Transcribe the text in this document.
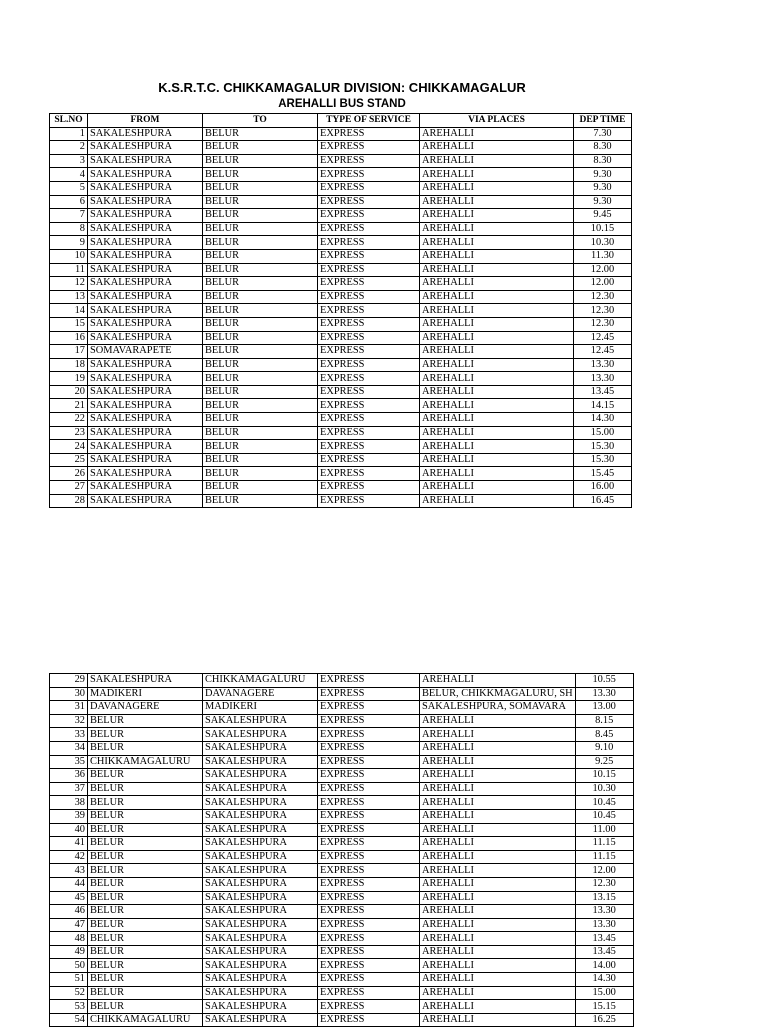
K.S.R.T.C. CHIKKAMAGALUR DIVISION: CHIKKAMAGALUR
AREHALLI BUS STAND
SL.NO	FROM	TO	TYPE OF SERVICE	VIA PLACES	DEP TIME
1	SAKALESHPURA	BELUR	EXPRESS	AREHALLI	7.30
2	SAKALESHPURA	BELUR	EXPRESS	AREHALLI	8.30
3	SAKALESHPURA	BELUR	EXPRESS	AREHALLI	8.30
4	SAKALESHPURA	BELUR	EXPRESS	AREHALLI	9.30
5	SAKALESHPURA	BELUR	EXPRESS	AREHALLI	9.30
6	SAKALESHPURA	BELUR	EXPRESS	AREHALLI	9.30
7	SAKALESHPURA	BELUR	EXPRESS	AREHALLI	9.45
8	SAKALESHPURA	BELUR	EXPRESS	AREHALLI	10.15
9	SAKALESHPURA	BELUR	EXPRESS	AREHALLI	10.30
10	SAKALESHPURA	BELUR	EXPRESS	AREHALLI	11.30
11	SAKALESHPURA	BELUR	EXPRESS	AREHALLI	12.00
12	SAKALESHPURA	BELUR	EXPRESS	AREHALLI	12.00
13	SAKALESHPURA	BELUR	EXPRESS	AREHALLI	12.30
14	SAKALESHPURA	BELUR	EXPRESS	AREHALLI	12.30
15	SAKALESHPURA	BELUR	EXPRESS	AREHALLI	12.30
16	SAKALESHPURA	BELUR	EXPRESS	AREHALLI	12.45
17	SOMAVARAPETE	BELUR	EXPRESS	AREHALLI	12.45
18	SAKALESHPURA	BELUR	EXPRESS	AREHALLI	13.30
19	SAKALESHPURA	BELUR	EXPRESS	AREHALLI	13.30
20	SAKALESHPURA	BELUR	EXPRESS	AREHALLI	13.45
21	SAKALESHPURA	BELUR	EXPRESS	AREHALLI	14.15
22	SAKALESHPURA	BELUR	EXPRESS	AREHALLI	14.30
23	SAKALESHPURA	BELUR	EXPRESS	AREHALLI	15.00
24	SAKALESHPURA	BELUR	EXPRESS	AREHALLI	15.30
25	SAKALESHPURA	BELUR	EXPRESS	AREHALLI	15.30
26	SAKALESHPURA	BELUR	EXPRESS	AREHALLI	15.45
27	SAKALESHPURA	BELUR	EXPRESS	AREHALLI	16.00
28	SAKALESHPURA	BELUR	EXPRESS	AREHALLI	16.45
29	SAKALESHPURA	CHIKKAMAGALURU	EXPRESS	AREHALLI	10.55
30	MADIKERI	DAVANAGERE	EXPRESS	BELUR, CHIKKMAGALURU, SH	13.30
31	DAVANAGERE	MADIKERI	EXPRESS	SAKALESHPURA, SOMAVARA	13.00
32	BELUR	SAKALESHPURA	EXPRESS	AREHALLI	8.15
33	BELUR	SAKALESHPURA	EXPRESS	AREHALLI	8.45
34	BELUR	SAKALESHPURA	EXPRESS	AREHALLI	9.10
35	CHIKKAMAGALURU	SAKALESHPURA	EXPRESS	AREHALLI	9.25
36	BELUR	SAKALESHPURA	EXPRESS	AREHALLI	10.15
37	BELUR	SAKALESHPURA	EXPRESS	AREHALLI	10.30
38	BELUR	SAKALESHPURA	EXPRESS	AREHALLI	10.45
39	BELUR	SAKALESHPURA	EXPRESS	AREHALLI	10.45
40	BELUR	SAKALESHPURA	EXPRESS	AREHALLI	11.00
41	BELUR	SAKALESHPURA	EXPRESS	AREHALLI	11.15
42	BELUR	SAKALESHPURA	EXPRESS	AREHALLI	11.15
43	BELUR	SAKALESHPURA	EXPRESS	AREHALLI	12.00
44	BELUR	SAKALESHPURA	EXPRESS	AREHALLI	12.30
45	BELUR	SAKALESHPURA	EXPRESS	AREHALLI	13.15
46	BELUR	SAKALESHPURA	EXPRESS	AREHALLI	13.30
47	BELUR	SAKALESHPURA	EXPRESS	AREHALLI	13.30
48	BELUR	SAKALESHPURA	EXPRESS	AREHALLI	13.45
49	BELUR	SAKALESHPURA	EXPRESS	AREHALLI	13.45
50	BELUR	SAKALESHPURA	EXPRESS	AREHALLI	14.00
51	BELUR	SAKALESHPURA	EXPRESS	AREHALLI	14.30
52	BELUR	SAKALESHPURA	EXPRESS	AREHALLI	15.00
53	BELUR	SAKALESHPURA	EXPRESS	AREHALLI	15.15
54	CHIKKAMAGALURU	SAKALESHPURA	EXPRESS	AREHALLI	16.25
